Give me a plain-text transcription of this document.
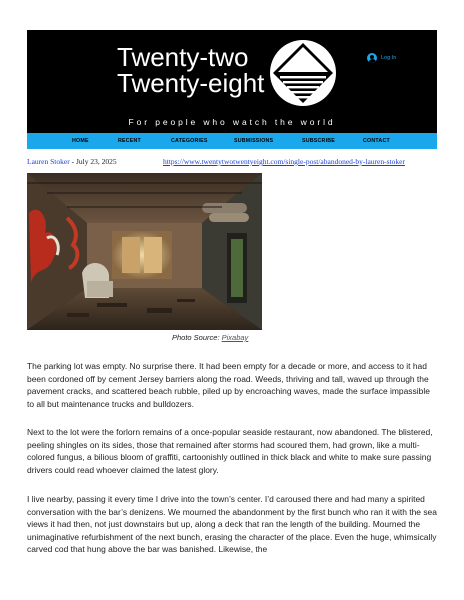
Twenty-two
Twenty-eight
Log In
For people who watch the world
HOME	RECENT	CATEGORIES	SUBMISSIONS	SUBSCRIBE	CONTACT
Lauren Stoker - July 23, 2025	https://www.twentytwotwentyeight.com/single-post/abandoned-by-lauren-stoker
Photo Source: Pixabay

The parking lot was empty. No surprise there. It had been empty for a decade or more, and access to it had been cordoned off by cement Jersey barriers along the road. Weeds, thriving and tall, waved up through the pavement cracks, and scattered beach rubble, piled up by encroaching waves, made the surface impassible to all but maintenance trucks and bulldozers.

Next to the lot were the forlorn remains of a once-popular seaside restaurant, now abandoned. The blistered, peeling shingles on its sides, those that remained after storms had scoured them, had grown, like a multi-colored fungus, a bilious bloom of graffiti, cartoonishly outlined in thick black and white to make sure passing drivers could read whoever claimed the latest glory.

I live nearby, passing it every time I drive into the town’s center. I’d caroused there and had many a spirited conversation with the bar’s denizens. We mourned the abandonment by the first bunch who ran it with the sea views it had then, not just downstairs but up, along a deck that ran the length of the building. Mourned the unimaginative refurbishment of the next bunch, erasing the character of the place. Even the huge, whimsically carved cod that hung above the bar was banished. Likewise, the
